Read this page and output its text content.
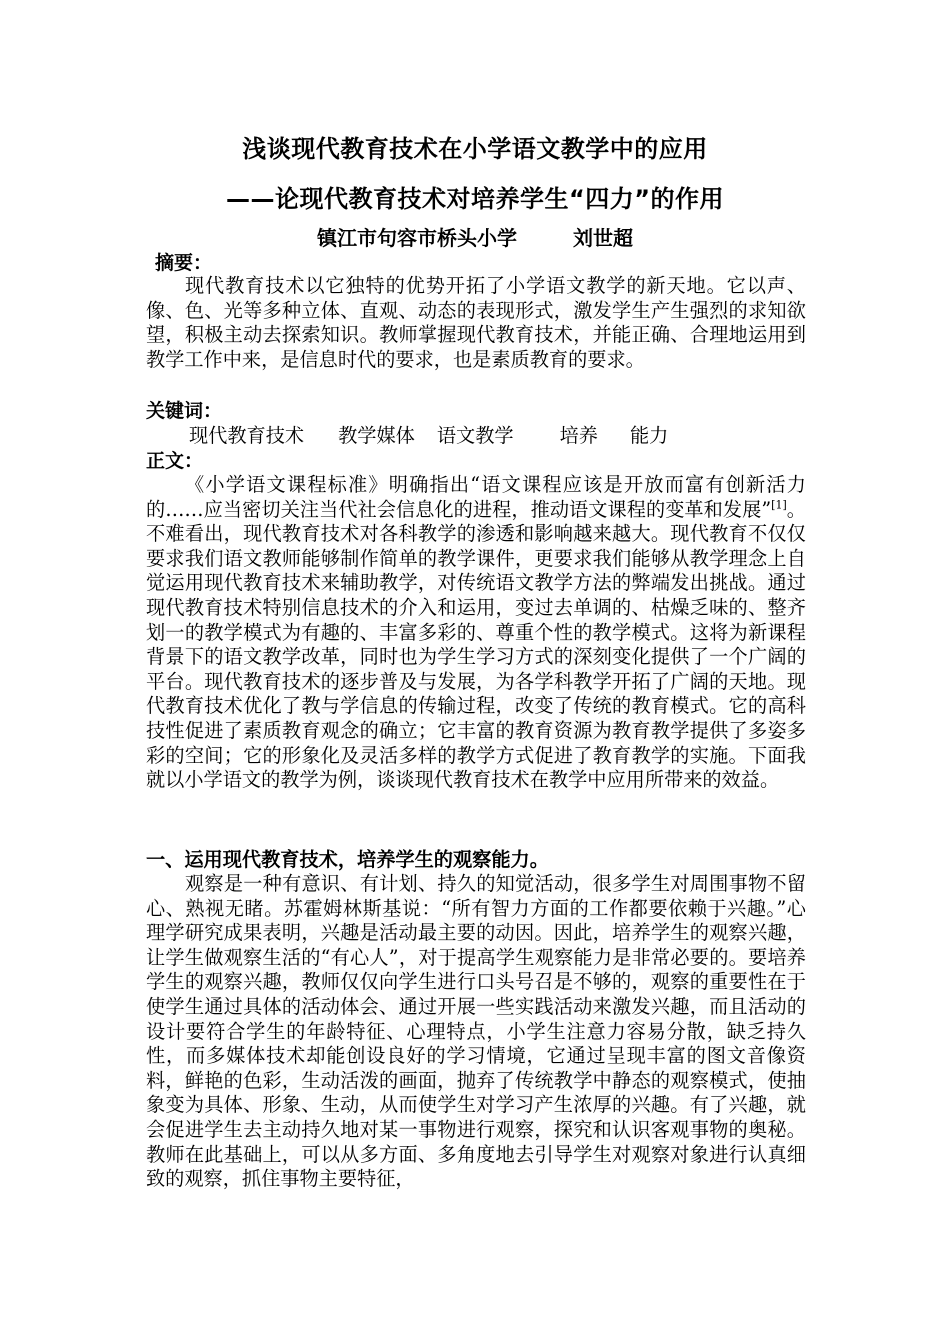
浅谈现代教育技术在小学语文教学中的应用
——论现代教育技术对培养学生“四力”的作用
镇江市句容市桥头小学	刘世超
摘要：

现代教育技术以它独特的优势开拓了小学语文教学的新天地。它以声、像、色、光等多种立体、直观、动态的表现形式，激发学生产生强烈的求知欲望，积极主动去探索知识。教师掌握现代教育技术，并能正确、合理地运用到教学工作中来，是信息时代的要求，也是素质教育的要求。

关键词：
现代教育技术 教学媒体 语文教学 培养 能力
正文：

《小学语文课程标准》明确指出“语文课程应该是开放而富有创新活力的……应当密切关注当代社会信息化的进程，推动语文课程的变革和发展”[1]。不难看出，现代教育技术对各科教学的渗透和影响越来越大。现代教育不仅仅要求我们语文教师能够制作简单的教学课件，更要求我们能够从教学理念上自觉运用现代教育技术来辅助教学，对传统语文教学方法的弊端发出挑战。通过现代教育技术特别信息技术的介入和运用，变过去单调的、枯燥乏味的、整齐划一的教学模式为有趣的、丰富多彩的、尊重个性的教学模式。这将为新课程背景下的语文教学改革，同时也为学生学习方式的深刻变化提供了一个广阔的平台。现代教育技术的逐步普及与发展，为各学科教学开拓了广阔的天地。现代教育技术优化了教与学信息的传输过程，改变了传统的教育模式。它的高科技性促进了素质教育观念的确立；它丰富的教育资源为教育教学提供了多姿多彩的空间；它的形象化及灵活多样的教学方式促进了教育教学的实施。下面我就以小学语文的教学为例，谈谈现代教育技术在教学中应用所带来的效益。

一、运用现代教育技术，培养学生的观察能力。

观察是一种有意识、有计划、持久的知觉活动，很多学生对周围事物不留心、熟视无睹。苏霍姆林斯基说：“所有智力方面的工作都要依赖于兴趣。”心理学研究成果表明，兴趣是活动最主要的动因。因此，培养学生的观察兴趣，让学生做观察生活的“有心人”，对于提高学生观察能力是非常必要的。要培养学生的观察兴趣，教师仅仅向学生进行口头号召是不够的，观察的重要性在于使学生通过具体的活动体会、通过开展一些实践活动来激发兴趣，而且活动的设计要符合学生的年龄特征、心理特点，小学生注意力容易分散，缺乏持久性，而多媒体技术却能创设良好的学习情境，它通过呈现丰富的图文音像资料，鲜艳的色彩，生动活泼的画面，抛弃了传统教学中静态的观察模式，使抽象变为具体、形象、生动，从而使学生对学习产生浓厚的兴趣。有了兴趣，就会促进学生去主动持久地对某一事物进行观察，探究和认识客观事物的奥秘。教师在此基础上，可以从多方面、多角度地去引导学生对观察对象进行认真细致的观察，抓住事物主要特征，
